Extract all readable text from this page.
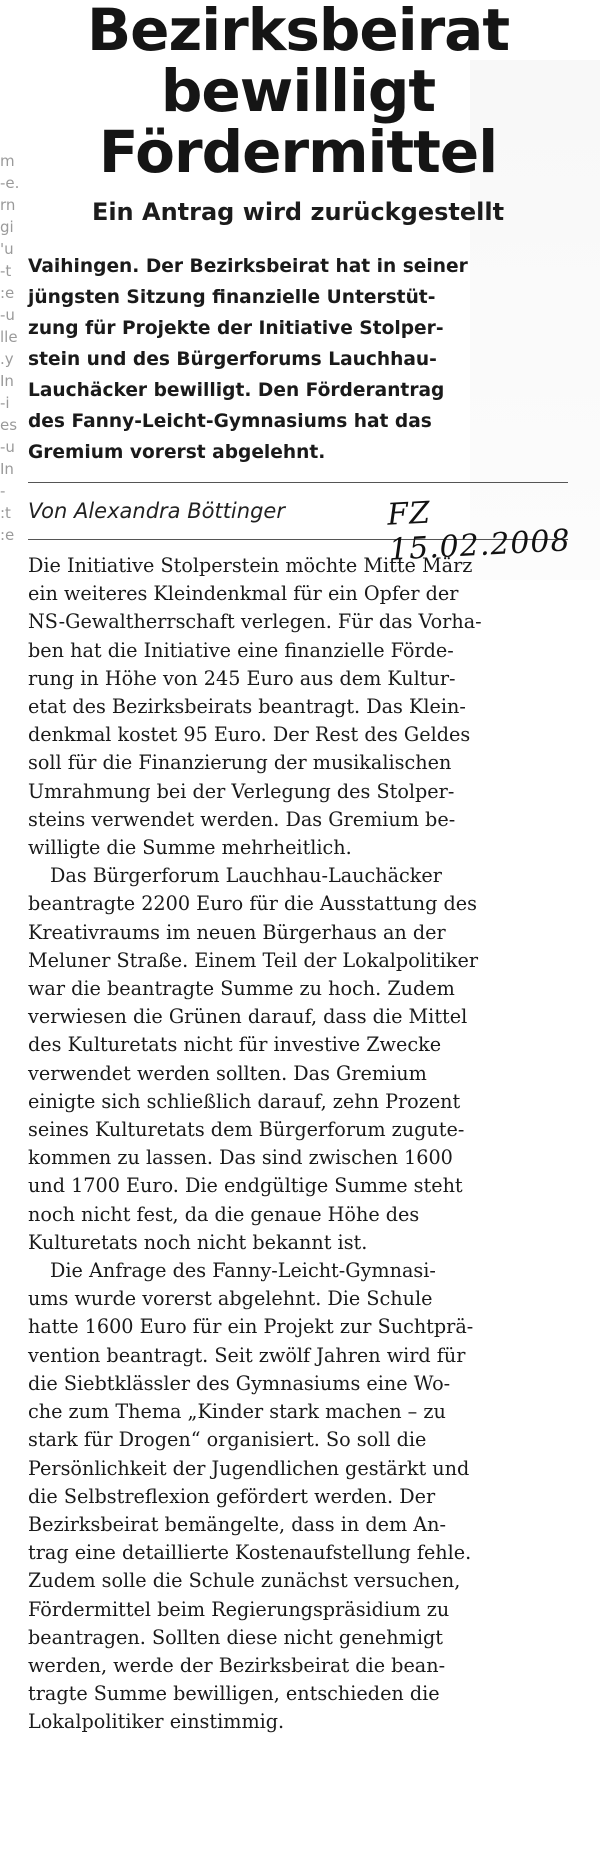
m
-e.
rn
gi
'u
-t
:e
-u
lle
.y
In
-i
es
-u
In
-
:t
:e
Bezirksbeirat
bewilligt
Fördermittel
Ein Antrag wird zurückgestellt
Vaihingen. Der Bezirksbeirat hat in seiner
jüngsten Sitzung finanzielle Unterstüt-
zung für Projekte der Initiative Stolper-
stein und des Bürgerforums Lauchhau-
Lauchäcker bewilligt. Den Förderantrag
des Fanny-Leicht-Gymnasiums hat das
Gremium vorerst abgelehnt.
Von Alexandra Böttinger	FZ 15.02.2008
Die Initiative Stolperstein möchte Mitte März
ein weiteres Kleindenkmal für ein Opfer der
NS-Gewaltherrschaft verlegen. Für das Vorha-
ben hat die Initiative eine finanzielle Förde-
rung in Höhe von 245 Euro aus dem Kultur-
etat des Bezirksbeirats beantragt. Das Klein-
denkmal kostet 95 Euro. Der Rest des Geldes
soll für die Finanzierung der musikalischen
Umrahmung bei der Verlegung des Stolper-
steins verwendet werden. Das Gremium be-
willigte die Summe mehrheitlich.
Das Bürgerforum Lauchhau-Lauchäcker
beantragte 2200 Euro für die Ausstattung des
Kreativraums im neuen Bürgerhaus an der
Meluner Straße. Einem Teil der Lokalpolitiker
war die beantragte Summe zu hoch. Zudem
verwiesen die Grünen darauf, dass die Mittel
des Kulturetats nicht für investive Zwecke
verwendet werden sollten. Das Gremium
einigte sich schließlich darauf, zehn Prozent
seines Kulturetats dem Bürgerforum zugute-
kommen zu lassen. Das sind zwischen 1600
und 1700 Euro. Die endgültige Summe steht
noch nicht fest, da die genaue Höhe des
Kulturetats noch nicht bekannt ist.
Die Anfrage des Fanny-Leicht-Gymnasi-
ums wurde vorerst abgelehnt. Die Schule
hatte 1600 Euro für ein Projekt zur Suchtprä-
vention beantragt. Seit zwölf Jahren wird für
die Siebtklässler des Gymnasiums eine Wo-
che zum Thema „Kinder stark machen – zu
stark für Drogen“ organisiert. So soll die
Persönlichkeit der Jugendlichen gestärkt und
die Selbstreflexion gefördert werden. Der
Bezirksbeirat bemängelte, dass in dem An-
trag eine detaillierte Kostenaufstellung fehle.
Zudem solle die Schule zunächst versuchen,
Fördermittel beim Regierungspräsidium zu
beantragen. Sollten diese nicht genehmigt
werden, werde der Bezirksbeirat die bean-
tragte Summe bewilligen, entschieden die
Lokalpolitiker einstimmig.
